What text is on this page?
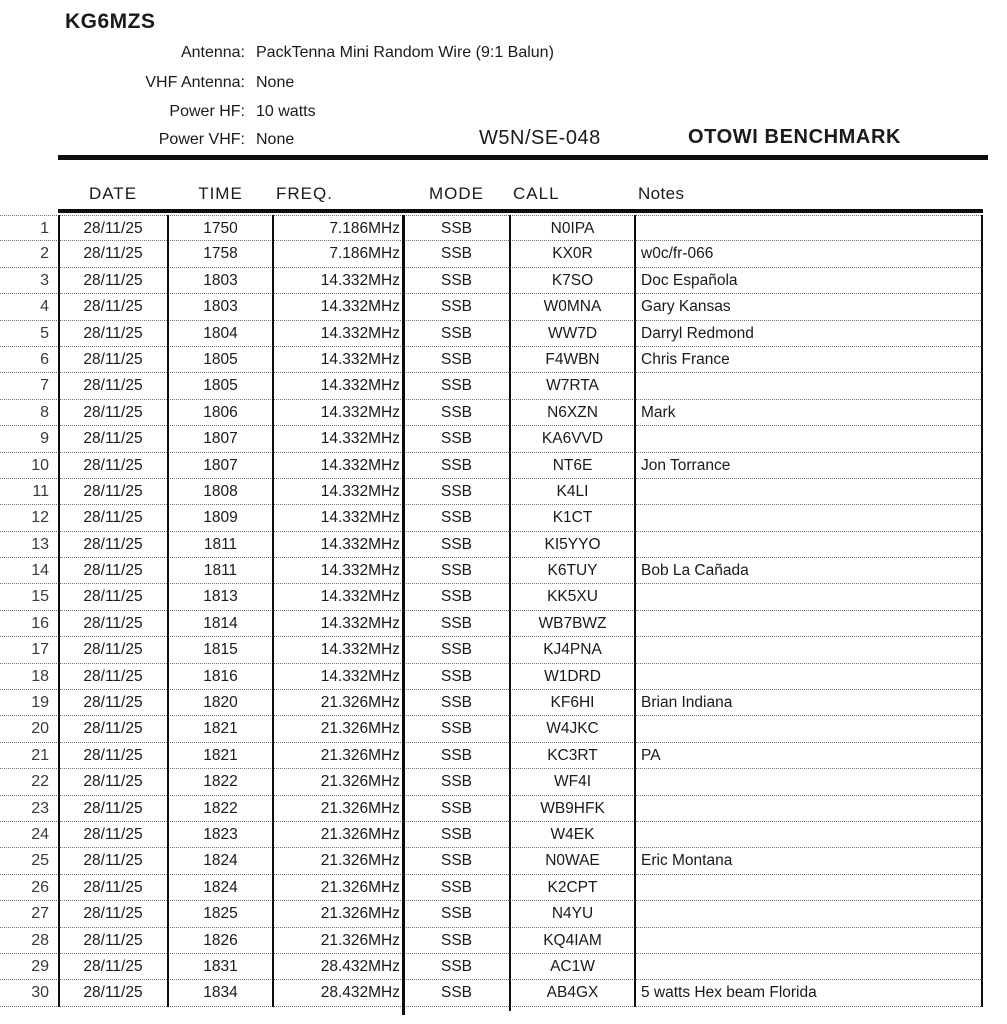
KG6MZS
Antenna: PackTenna Mini Random Wire (9:1 Balun)
VHF Antenna: None
Power HF: 10 watts
Power VHF: None	W5N/SE-048	OTOWI BENCHMARK
DATE	TIME	FREQ.	MODE	CALL	Notes
1	28/11/25	1750	7.186MHz	SSB	N0IPA
2	28/11/25	1758	7.186MHz	SSB	KX0R	w0c/fr-066
3	28/11/25	1803	14.332MHz	SSB	K7SO	Doc Española
4	28/11/25	1803	14.332MHz	SSB	W0MNA	Gary Kansas
5	28/11/25	1804	14.332MHz	SSB	WW7D	Darryl Redmond
6	28/11/25	1805	14.332MHz	SSB	F4WBN	Chris France
7	28/11/25	1805	14.332MHz	SSB	W7RTA
8	28/11/25	1806	14.332MHz	SSB	N6XZN	Mark
9	28/11/25	1807	14.332MHz	SSB	KA6VVD
10	28/11/25	1807	14.332MHz	SSB	NT6E	Jon Torrance
11	28/11/25	1808	14.332MHz	SSB	K4LI
12	28/11/25	1809	14.332MHz	SSB	K1CT
13	28/11/25	1811	14.332MHz	SSB	KI5YYO
14	28/11/25	1811	14.332MHz	SSB	K6TUY	Bob La Cañada
15	28/11/25	1813	14.332MHz	SSB	KK5XU
16	28/11/25	1814	14.332MHz	SSB	WB7BWZ
17	28/11/25	1815	14.332MHz	SSB	KJ4PNA
18	28/11/25	1816	14.332MHz	SSB	W1DRD
19	28/11/25	1820	21.326MHz	SSB	KF6HI	Brian Indiana
20	28/11/25	1821	21.326MHz	SSB	W4JKC
21	28/11/25	1821	21.326MHz	SSB	KC3RT	PA
22	28/11/25	1822	21.326MHz	SSB	WF4I
23	28/11/25	1822	21.326MHz	SSB	WB9HFK
24	28/11/25	1823	21.326MHz	SSB	W4EK
25	28/11/25	1824	21.326MHz	SSB	N0WAE	Eric Montana
26	28/11/25	1824	21.326MHz	SSB	K2CPT
27	28/11/25	1825	21.326MHz	SSB	N4YU
28	28/11/25	1826	21.326MHz	SSB	KQ4IAM
29	28/11/25	1831	28.432MHz	SSB	AC1W
30	28/11/25	1834	28.432MHz	SSB	AB4GX	5 watts Hex beam Florida
